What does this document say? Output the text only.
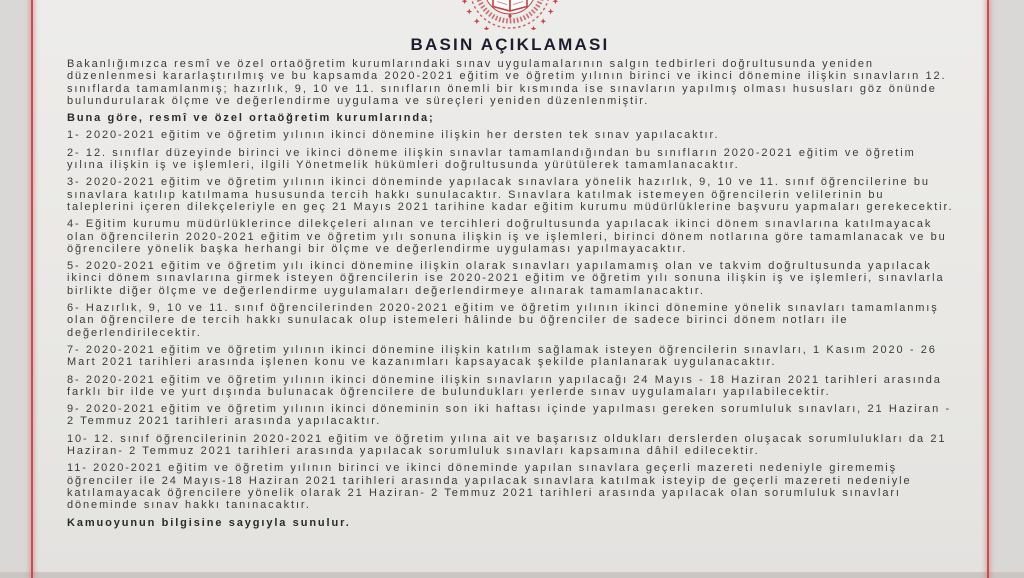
BASIN AÇIKLAMASI

Bakanlığımızca resmî ve özel ortaöğretim kurumlarındaki sınav uygulamalarının salgın tedbirleri doğrultusunda yeniden düzenlenmesi kararlaştırılmış ve bu kapsamda 2020-2021 eğitim ve öğretim yılının birinci ve ikinci dönemine ilişkin sınavların 12. sınıflarda tamamlanmış; hazırlık, 9, 10 ve 11. sınıfların önemli bir kısmında ise sınavların yapılmış olması hususları göz önünde bulundurularak ölçme ve değerlendirme uygulama ve süreçleri yeniden düzenlenmiştir.

Buna göre, resmî ve özel ortaöğretim kurumlarında;

1- 2020-2021 eğitim ve öğretim yılının ikinci dönemine ilişkin her dersten tek sınav yapılacaktır.

2- 12. sınıflar düzeyinde birinci ve ikinci döneme ilişkin sınavlar tamamlandığından bu sınıfların 2020-2021 eğitim ve öğretim yılına ilişkin iş ve işlemleri, ilgili Yönetmelik hükümleri doğrultusunda yürütülerek tamamlanacaktır.

3- 2020-2021 eğitim ve öğretim yılının ikinci döneminde yapılacak sınavlara yönelik hazırlık, 9, 10 ve 11. sınıf öğrencilerine bu sınavlara katılıp katılmama hususunda tercih hakkı sunulacaktır. Sınavlara katılmak istemeyen öğrencilerin velilerinin bu taleplerini içeren dilekçeleriyle en geç 21 Mayıs 2021 tarihine kadar eğitim kurumu müdürlüklerine başvuru yapmaları gerekecektir.

4- Eğitim kurumu müdürlüklerince dilekçeleri alınan ve tercihleri doğrultusunda yapılacak ikinci dönem sınavlarına katılmayacak olan öğrencilerin 2020-2021 eğitim ve öğretim yılı sonuna ilişkin iş ve işlemleri, birinci dönem notlarına göre tamamlanacak ve bu öğrencilere yönelik başka herhangi bir ölçme ve değerlendirme uygulaması yapılmayacaktır.

5- 2020-2021 eğitim ve öğretim yılı ikinci dönemine ilişkin olarak sınavları yapılamamış olan ve takvim doğrultusunda yapılacak ikinci dönem sınavlarına girmek isteyen öğrencilerin ise 2020-2021 eğitim ve öğretim yılı sonuna ilişkin iş ve işlemleri, sınavlarla birlikte diğer ölçme ve değerlendirme uygulamaları değerlendirmeye alınarak tamamlanacaktır.

6- Hazırlık, 9, 10 ve 11. sınıf öğrencilerinden 2020-2021 eğitim ve öğretim yılının ikinci dönemine yönelik sınavları tamamlanmış olan öğrencilere de tercih hakkı sunulacak olup istemeleri hâlinde bu öğrenciler de sadece birinci dönem notları ile değerlendirilecektir.

7- 2020-2021 eğitim ve öğretim yılının ikinci dönemine ilişkin katılım sağlamak isteyen öğrencilerin sınavları, 1 Kasım 2020 - 26 Mart 2021 tarihleri arasında işlenen konu ve kazanımları kapsayacak şekilde planlanarak uygulanacaktır.

8- 2020-2021 eğitim ve öğretim yılının ikinci dönemine ilişkin sınavların yapılacağı 24 Mayıs - 18 Haziran 2021 tarihleri arasında farklı bir ilde ve yurt dışında bulunacak öğrencilere de bulundukları yerlerde sınav uygulamaları yapılabilecektir.

9- 2020-2021 eğitim ve öğretim yılının ikinci döneminin son iki haftası içinde yapılması gereken sorumluluk sınavları, 21 Haziran - 2 Temmuz 2021 tarihleri arasında yapılacaktır.

10- 12. sınıf öğrencilerinin 2020-2021 eğitim ve öğretim yılına ait ve başarısız oldukları derslerden oluşacak sorumlulukları da 21 Haziran- 2 Temmuz 2021 tarihleri arasında yapılacak sorumluluk sınavları kapsamına dâhil edilecektir.

11- 2020-2021 eğitim ve öğretim yılının birinci ve ikinci döneminde yapılan sınavlara geçerli mazereti nedeniyle girememiş öğrenciler ile 24 Mayıs-18 Haziran 2021 tarihleri arasında yapılacak sınavlara katılmak isteyip de geçerli mazereti nedeniyle katılamayacak öğrencilere yönelik olarak 21 Haziran- 2 Temmuz 2021 tarihleri arasında yapılacak olan sorumluluk sınavları döneminde sınav hakkı tanınacaktır.

Kamuoyunun bilgisine saygıyla sunulur.
